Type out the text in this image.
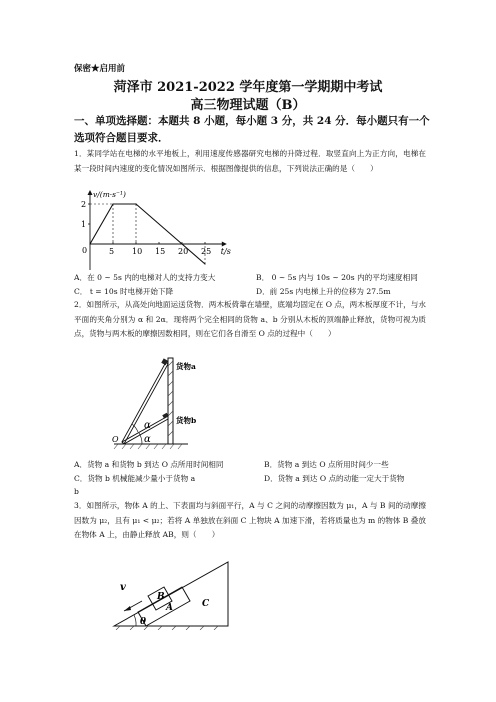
保密★启用前
菏泽市 2021-2022 学年度第一学期期中考试
高三物理试题（B）
一、单项选择题：本题共 8 小题，每小题 3 分，共 24 分．每小题只有一个选项符合题目要求．
1．某同学站在电梯的水平地板上，利用速度传感器研究电梯的升降过程．取竖直向上为正方向，电梯在某一段时间内速度的变化情况如图所示．根据图像提供的信息，下列说法正确的是（　　）
1
2
5 10 15 20 25
0
v/(m·s⁻¹)
t/s
A．在 0 ~ 5s 内的电梯对人的支持力变大	B． 0 ~ 5s 内与 10s ~ 20s 内的平均速度相同
C． t = 10s 时电梯开始下降	D．前 25s 内电梯上升的位移为 27.5m
2．如图所示，从高处向地面运送货物．两木板倚靠在墙壁，底端均固定在 O 点，两木板厚度不计，与水平面的夹角分别为 α 和 2α．现将两个完全相同的货物 a、b 分别从木板的顶端静止释放，货物可视为质点，货物与两木板的摩擦因数相同，则在它们各自滑至 O 点的过程中（　　）
α
α
O
货物a
货物b
A．货物 a 和货物 b 到达 O 点所用时间相同	B．货物 a 到达 O 点所用时间少一些
C．货物 b 机械能减少量小于货物 a	D．货物 a 到达 O 点的动能一定大于货物
b
3．如图所示，物体 A 的上、下表面均与斜面平行，A 与 C 之间的动摩擦因数为 μ₁，A 与 B 间的动摩擦因数为 μ₂，且有 μ₁ < μ₂；若将 A 单独放在斜面 C 上物块 A 加速下滑，若将质量也为 m 的物体 B 叠放在物体 A 上，由静止释放 AB，则（　　）
v
B
A	C
θ
